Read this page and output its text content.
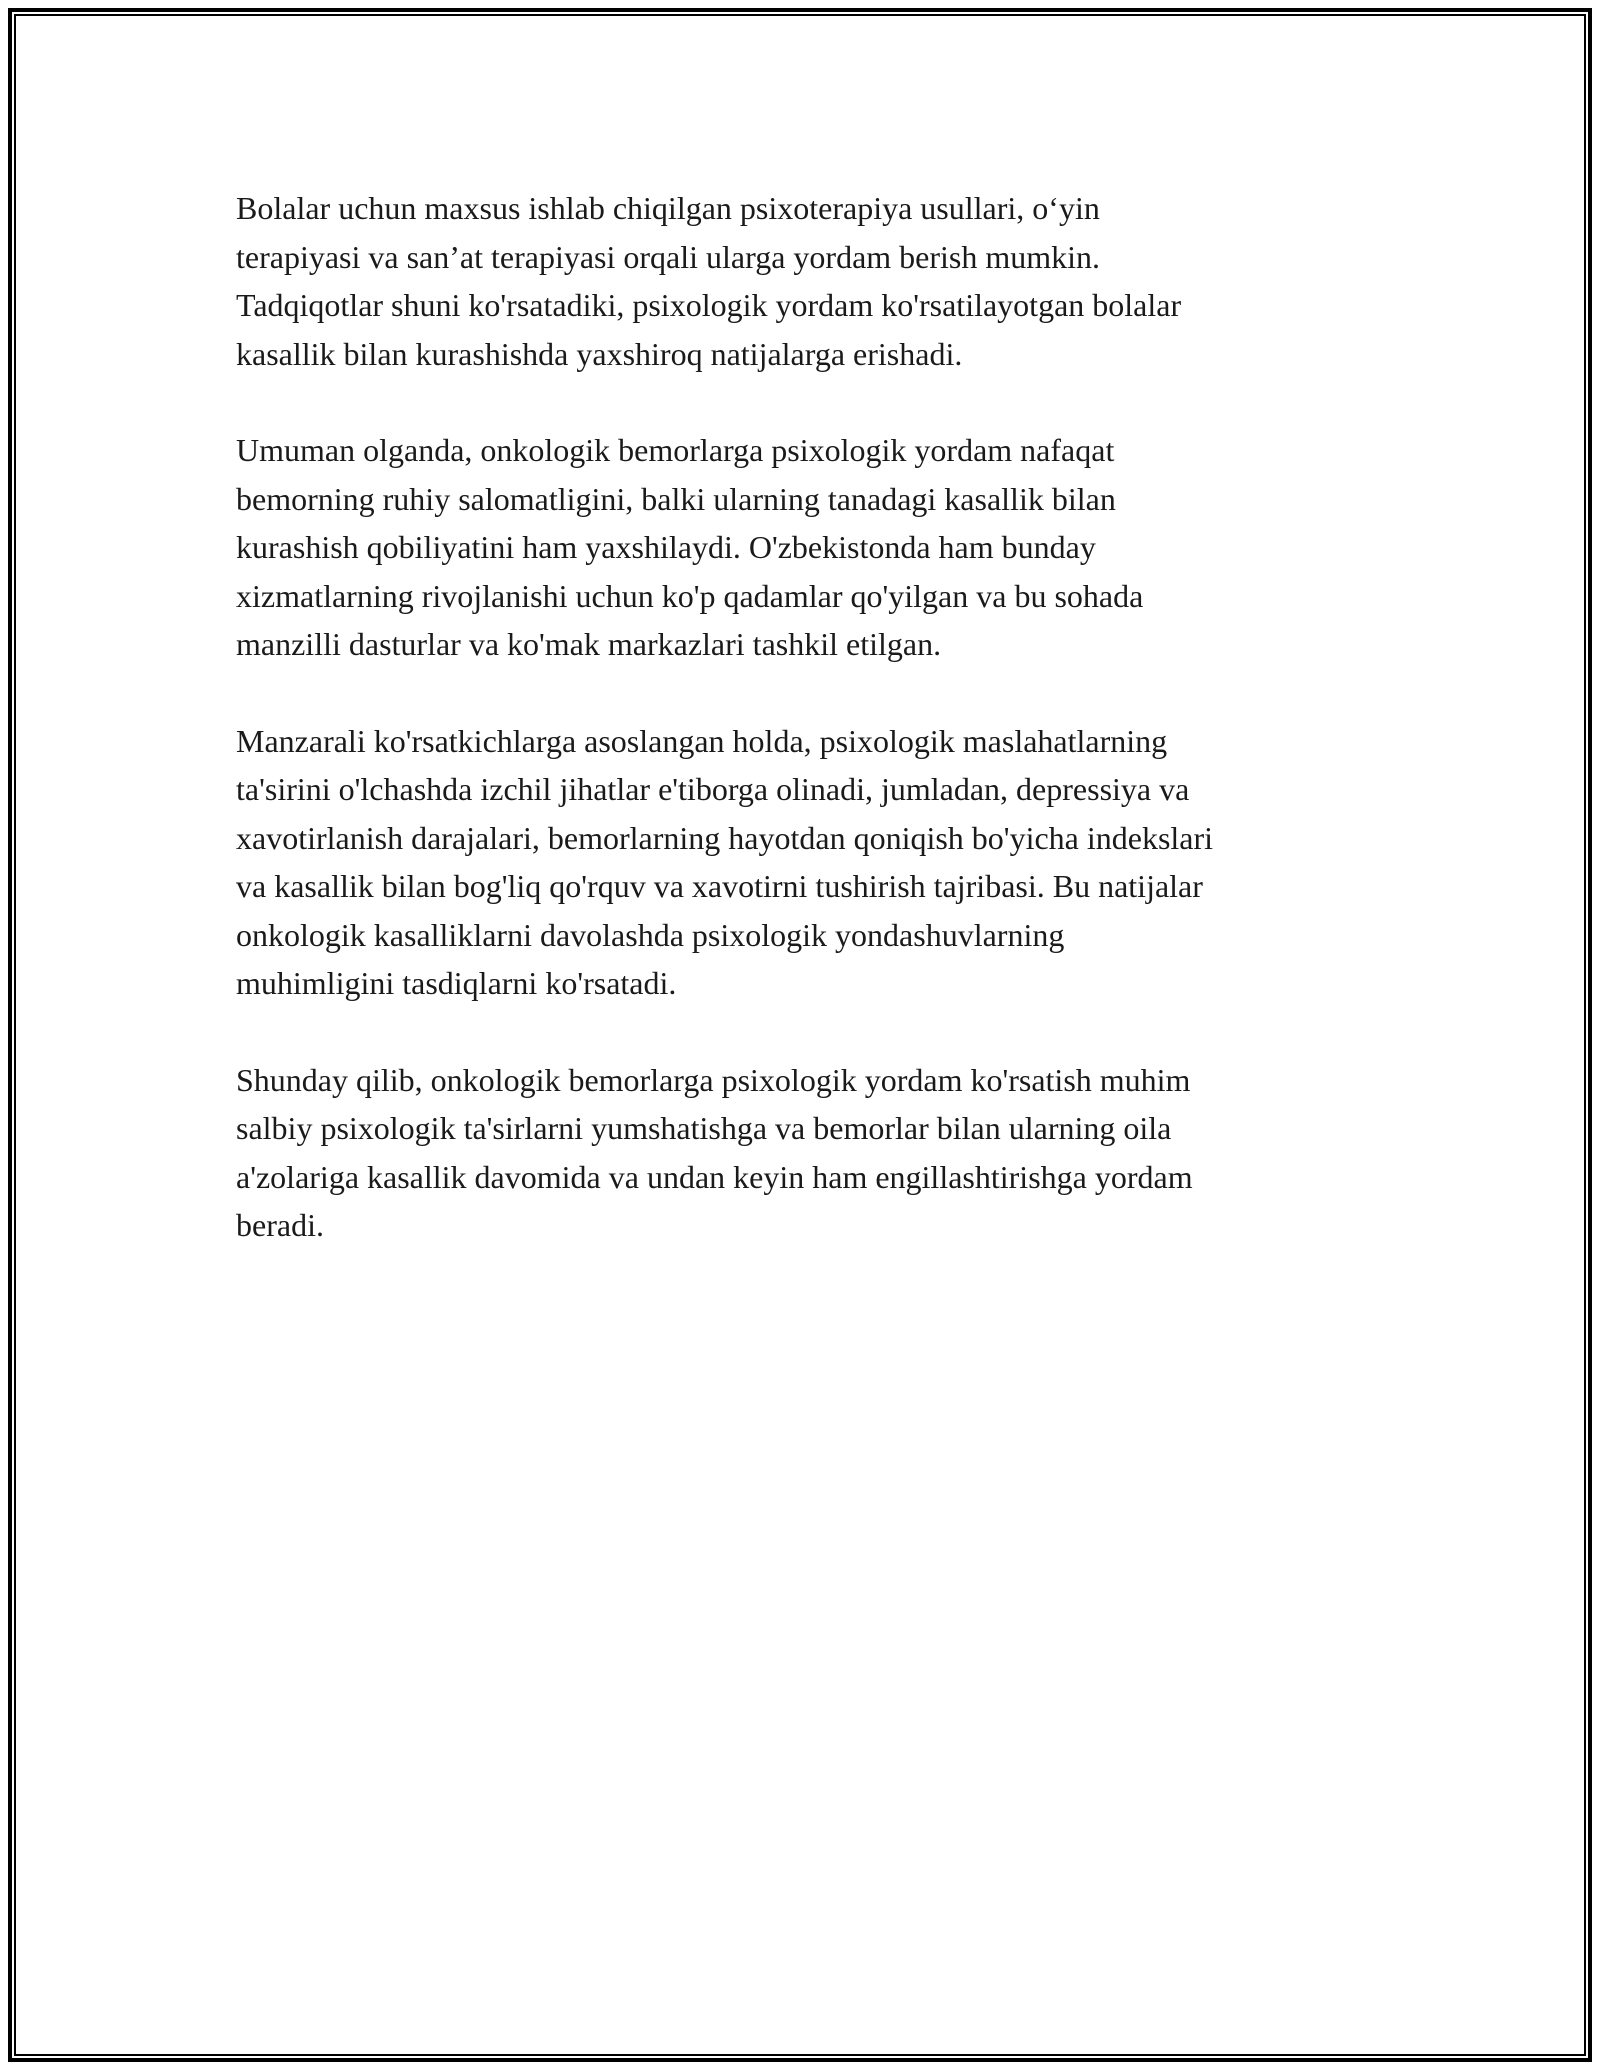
Bolalar uchun maxsus ishlab chiqilgan psixoterapiya usullari, o‘yin
terapiyasi va san’at terapiyasi orqali ularga yordam berish mumkin.
Tadqiqotlar shuni ko'rsatadiki, psixologik yordam ko'rsatilayotgan bolalar
kasallik bilan kurashishda yaxshiroq natijalarga erishadi.

Umuman olganda, onkologik bemorlarga psixologik yordam nafaqat
bemorning ruhiy salomatligini, balki ularning tanadagi kasallik bilan
kurashish qobiliyatini ham yaxshilaydi. O'zbekistonda ham bunday
xizmatlarning rivojlanishi uchun ko'p qadamlar qo'yilgan va bu sohada
manzilli dasturlar va ko'mak markazlari tashkil etilgan.

Manzarali ko'rsatkichlarga asoslangan holda, psixologik maslahatlarning
ta'sirini o'lchashda izchil jihatlar e'tiborga olinadi, jumladan, depressiya va
xavotirlanish darajalari, bemorlarning hayotdan qoniqish bo'yicha indekslari
va kasallik bilan bog'liq qo'rquv va xavotirni tushirish tajribasi. Bu natijalar
onkologik kasalliklarni davolashda psixologik yondashuvlarning
muhimligini tasdiqlarni ko'rsatadi.

Shunday qilib, onkologik bemorlarga psixologik yordam ko'rsatish muhim
salbiy psixologik ta'sirlarni yumshatishga va bemorlar bilan ularning oila
a'zolariga kasallik davomida va undan keyin ham engillashtirishga yordam
beradi.
